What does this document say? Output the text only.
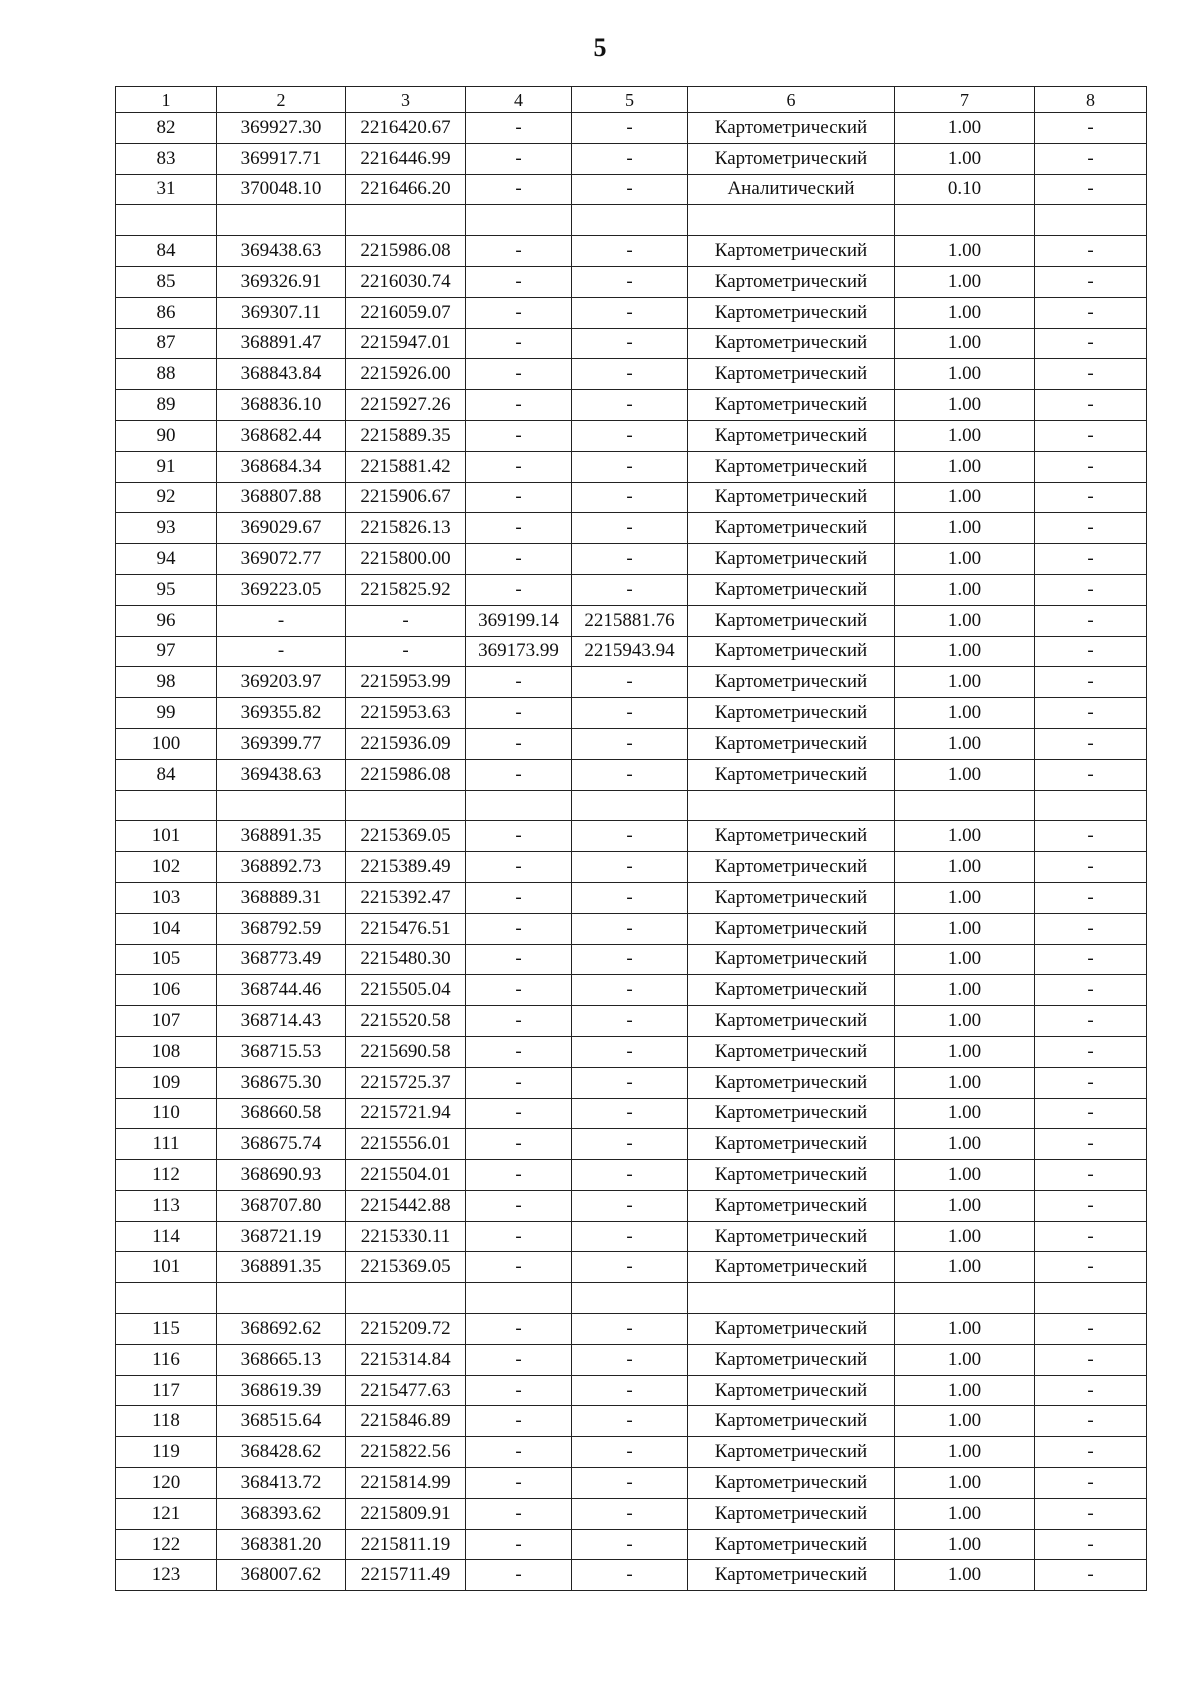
5
1	2	3	4	5	6	7	8
82	369927.30	2216420.67	-	-	Картометрический	1.00	-
83	369917.71	2216446.99	-	-	Картометрический	1.00	-
31	370048.10	2216466.20	-	-	Аналитический	0.10	-

84	369438.63	2215986.08	-	-	Картометрический	1.00	-
85	369326.91	2216030.74	-	-	Картометрический	1.00	-
86	369307.11	2216059.07	-	-	Картометрический	1.00	-
87	368891.47	2215947.01	-	-	Картометрический	1.00	-
88	368843.84	2215926.00	-	-	Картометрический	1.00	-
89	368836.10	2215927.26	-	-	Картометрический	1.00	-
90	368682.44	2215889.35	-	-	Картометрический	1.00	-
91	368684.34	2215881.42	-	-	Картометрический	1.00	-
92	368807.88	2215906.67	-	-	Картометрический	1.00	-
93	369029.67	2215826.13	-	-	Картометрический	1.00	-
94	369072.77	2215800.00	-	-	Картометрический	1.00	-
95	369223.05	2215825.92	-	-	Картометрический	1.00	-
96	-	-	369199.14	2215881.76	Картометрический	1.00	-
97	-	-	369173.99	2215943.94	Картометрический	1.00	-
98	369203.97	2215953.99	-	-	Картометрический	1.00	-
99	369355.82	2215953.63	-	-	Картометрический	1.00	-
100	369399.77	2215936.09	-	-	Картометрический	1.00	-
84	369438.63	2215986.08	-	-	Картометрический	1.00	-

101	368891.35	2215369.05	-	-	Картометрический	1.00	-
102	368892.73	2215389.49	-	-	Картометрический	1.00	-
103	368889.31	2215392.47	-	-	Картометрический	1.00	-
104	368792.59	2215476.51	-	-	Картометрический	1.00	-
105	368773.49	2215480.30	-	-	Картометрический	1.00	-
106	368744.46	2215505.04	-	-	Картометрический	1.00	-
107	368714.43	2215520.58	-	-	Картометрический	1.00	-
108	368715.53	2215690.58	-	-	Картометрический	1.00	-
109	368675.30	2215725.37	-	-	Картометрический	1.00	-
110	368660.58	2215721.94	-	-	Картометрический	1.00	-
111	368675.74	2215556.01	-	-	Картометрический	1.00	-
112	368690.93	2215504.01	-	-	Картометрический	1.00	-
113	368707.80	2215442.88	-	-	Картометрический	1.00	-
114	368721.19	2215330.11	-	-	Картометрический	1.00	-
101	368891.35	2215369.05	-	-	Картометрический	1.00	-

115	368692.62	2215209.72	-	-	Картометрический	1.00	-
116	368665.13	2215314.84	-	-	Картометрический	1.00	-
117	368619.39	2215477.63	-	-	Картометрический	1.00	-
118	368515.64	2215846.89	-	-	Картометрический	1.00	-
119	368428.62	2215822.56	-	-	Картометрический	1.00	-
120	368413.72	2215814.99	-	-	Картометрический	1.00	-
121	368393.62	2215809.91	-	-	Картометрический	1.00	-
122	368381.20	2215811.19	-	-	Картометрический	1.00	-
123	368007.62	2215711.49	-	-	Картометрический	1.00	-
